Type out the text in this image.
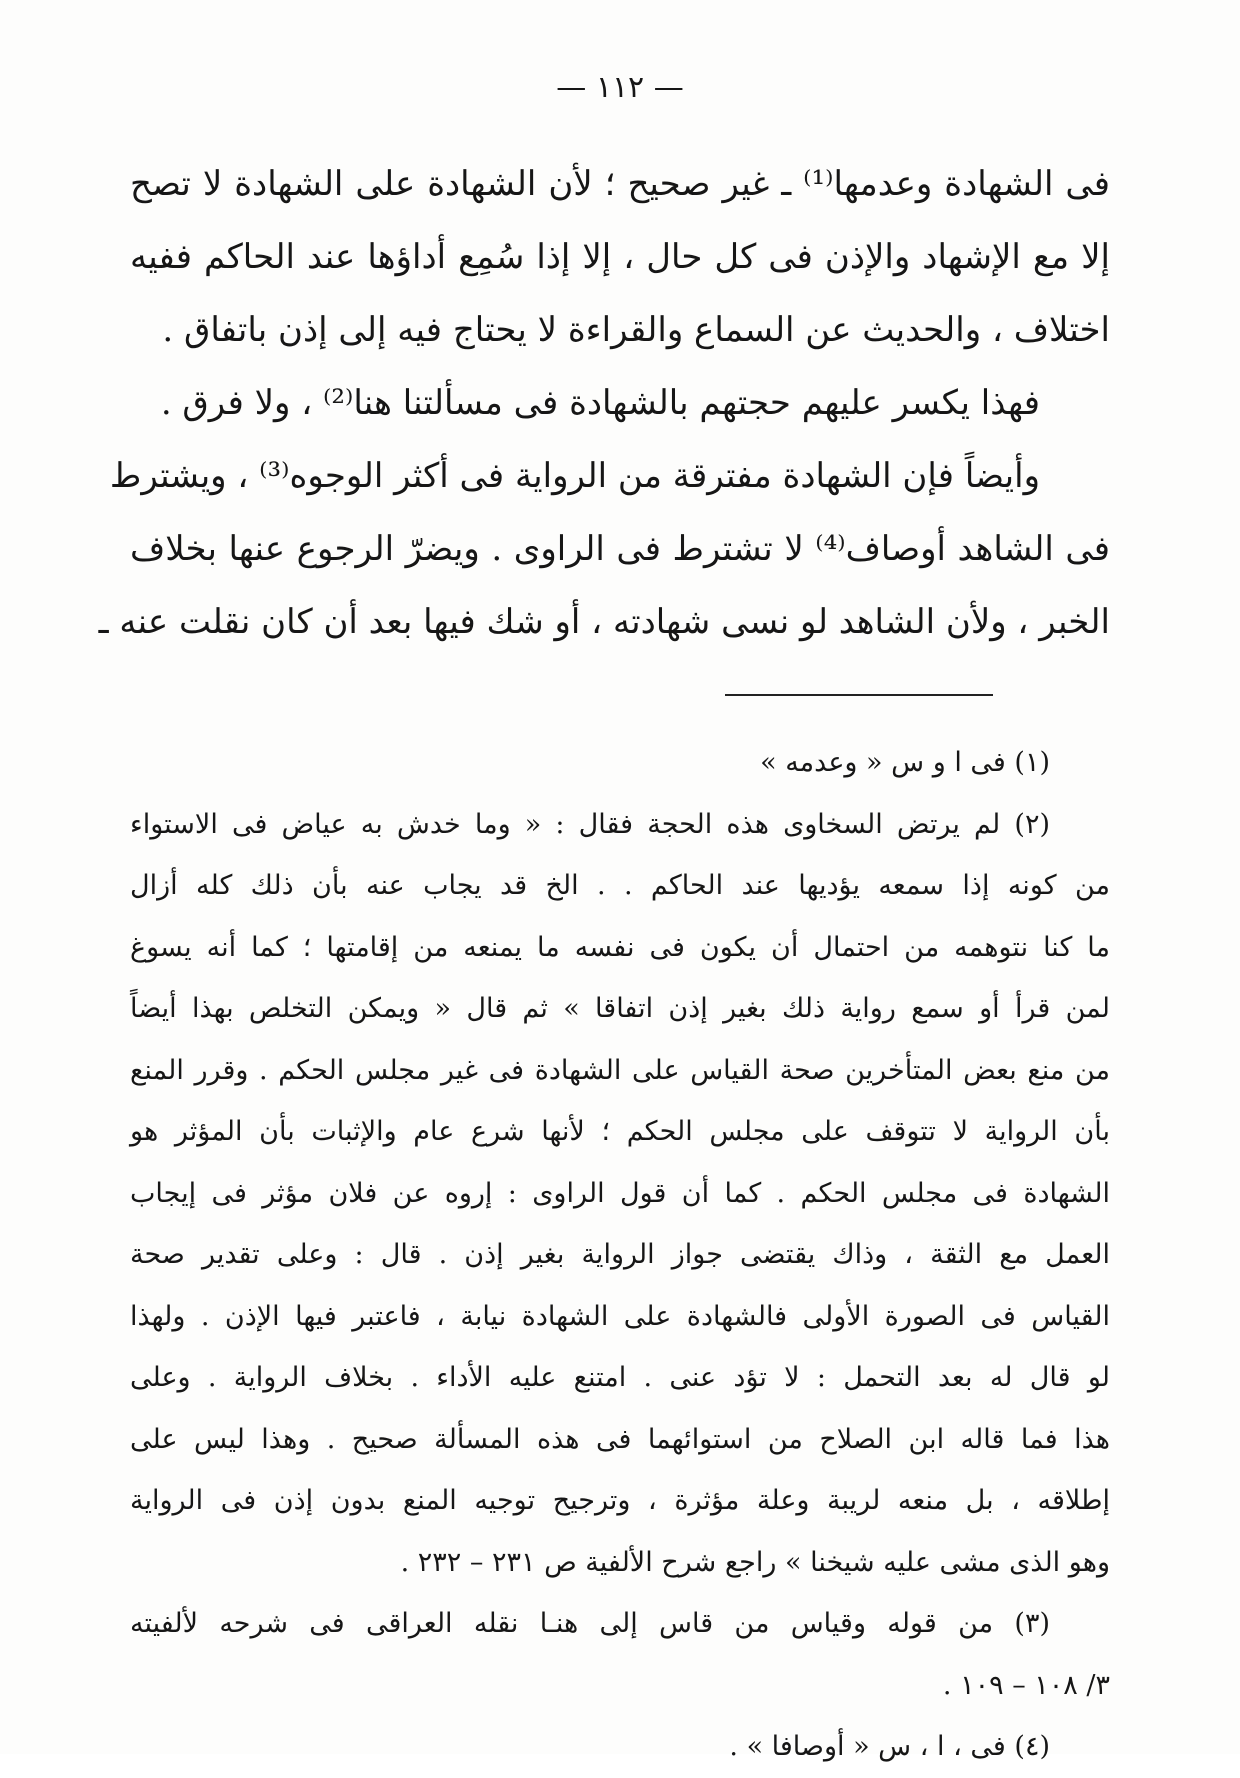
— ١١٢ —
فى الشهادة وعدمها⁽¹⁾ ـ غير صحيح ؛ لأن الشهادة على الشهادة لا تصح
إلا مع الإشهاد والإذن فى كل حال ، إلا إذا سُمِع أداؤها عند الحاكم ففيه
اختلاف ، والحديث عن السماع والقراءة لا يحتاج فيه إلى إذن باتفاق .
فهذا يكسر عليهم حجتهم بالشهادة فى مسألتنا هنا⁽²⁾ ، ولا فرق .
وأيضاً فإن الشهادة مفترقة من الرواية فى أكثر الوجوه⁽³⁾ ، ويشترط
فى الشاهد أوصاف⁽⁴⁾ لا تشترط فى الراوى . ويضرّ الرجوع عنها بخلاف
الخبر ، ولأن الشاهد لو نسى شهادته ، أو شك فيها بعد أن كان نقلت عنه ـ
(١) فى ا و س « وعدمه »
(٢) لم يرتض السخاوى هذه الحجة فقال : « وما خدش به عياض فى الاستواء
من كونه إذا سمعه يؤديها عند الحاكم . . الخ قد يجاب عنه بأن ذلك كله أزال
ما كنا نتوهمه من احتمال أن يكون فى نفسه ما يمنعه من إقامتها ؛ كما أنه يسوغ
لمن قرأ أو سمع رواية ذلك بغير إذن اتفاقا » ثم قال « ويمكن التخلص بهذا أيضاً
من منع بعض المتأخرين صحة القياس على الشهادة فى غير مجلس الحكم . وقرر المنع
بأن الرواية لا تتوقف على مجلس الحكم ؛ لأنها شرع عام والإثبات بأن المؤثر هو
الشهادة فى مجلس الحكم . كما أن قول الراوى : إروه عن فلان مؤثر فى إيجاب
العمل مع الثقة ، وذاك يقتضى جواز الرواية بغير إذن . قال : وعلى تقدير صحة
القياس فى الصورة الأولى فالشهادة على الشهادة نيابة ، فاعتبر فيها الإذن . ولهذا
لو قال له بعد التحمل : لا تؤد عنى . امتنع عليه الأداء . بخلاف الرواية . وعلى
هذا فما قاله ابن الصلاح من استوائهما فى هذه المسألة صحيح . وهذا ليس على
إطلاقه ، بل منعه لريبة وعلة مؤثرة ، وترجيح توجيه المنع بدون إذن فى الرواية
وهو الذى مشى عليه شيخنا » راجع شرح الألفية ص ٢٣١ – ٢٣٢ .
(٣) من قوله وقياس من قاس إلى هنـا نقله العراقى فى شرحه لألفيته
٣/ ١٠٨ – ١٠٩ .
(٤) فى ، ا ، س « أوصافا » .
